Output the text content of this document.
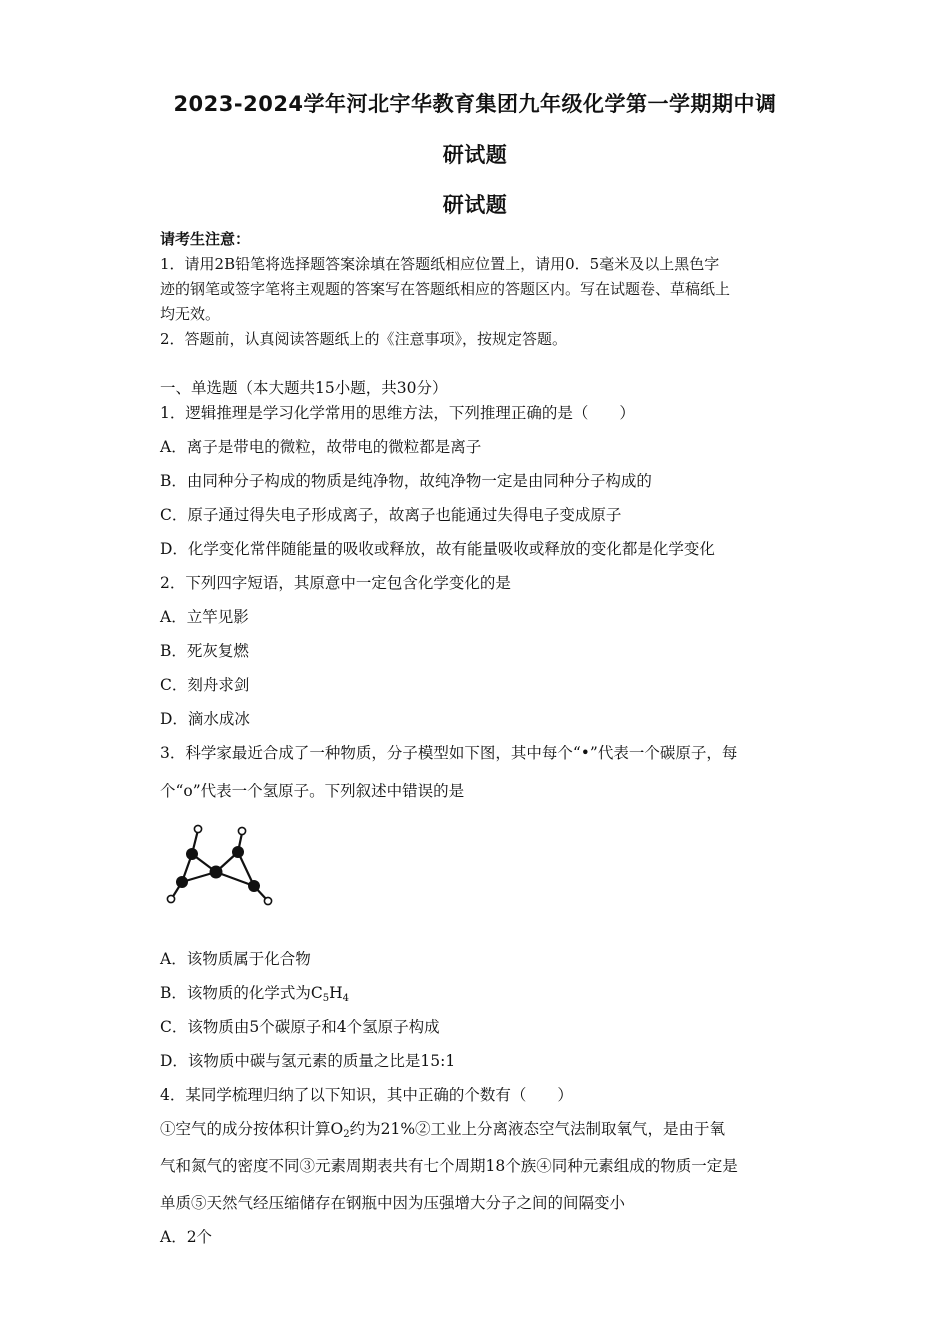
2023-2024学年河北宇华教育集团九年级化学第一学期期中调
研试题
研试题
请考生注意：
1．请用2B铅笔将选择题答案涂填在答题纸相应位置上，请用0．5毫米及以上黑色字
迹的钢笔或签字笔将主观题的答案写在答题纸相应的答题区内。写在试题卷、草稿纸上
均无效。
2．答题前，认真阅读答题纸上的《注意事项》，按规定答题。
一、单选题（本大题共15小题，共30分）
1．逻辑推理是学习化学常用的思维方法，下列推理正确的是（　　）
A．离子是带电的微粒，故带电的微粒都是离子
B．由同种分子构成的物质是纯净物，故纯净物一定是由同种分子构成的
C．原子通过得失电子形成离子，故离子也能通过失得电子变成原子
D．化学变化常伴随能量的吸收或释放，故有能量吸收或释放的变化都是化学变化
2．下列四字短语，其原意中一定包含化学变化的是
A．立竿见影
B．死灰复燃
C．刻舟求剑
D．滴水成冰
3．科学家最近合成了一种物质，分子模型如下图，其中每个“•”代表一个碳原子，每
个“o”代表一个氢原子。下列叙述中错误的是
A．该物质属于化合物
B．该物质的化学式为$C_5H_4$
C．该物质由5个碳原子和4个氢原子构成
D．该物质中碳与氢元素的质量之比是15:1
4．某同学梳理归纳了以下知识，其中正确的个数有（　　）
①空气的成分按体积计算$O_2$约为21%②工业上分离液态空气法制取氧气，是由于氧
气和氮气的密度不同③元素周期表共有七个周期18个族④同种元素组成的物质一定是
单质⑤天然气经压缩储存在钢瓶中因为压强增大分子之间的间隔变小
A．2个
